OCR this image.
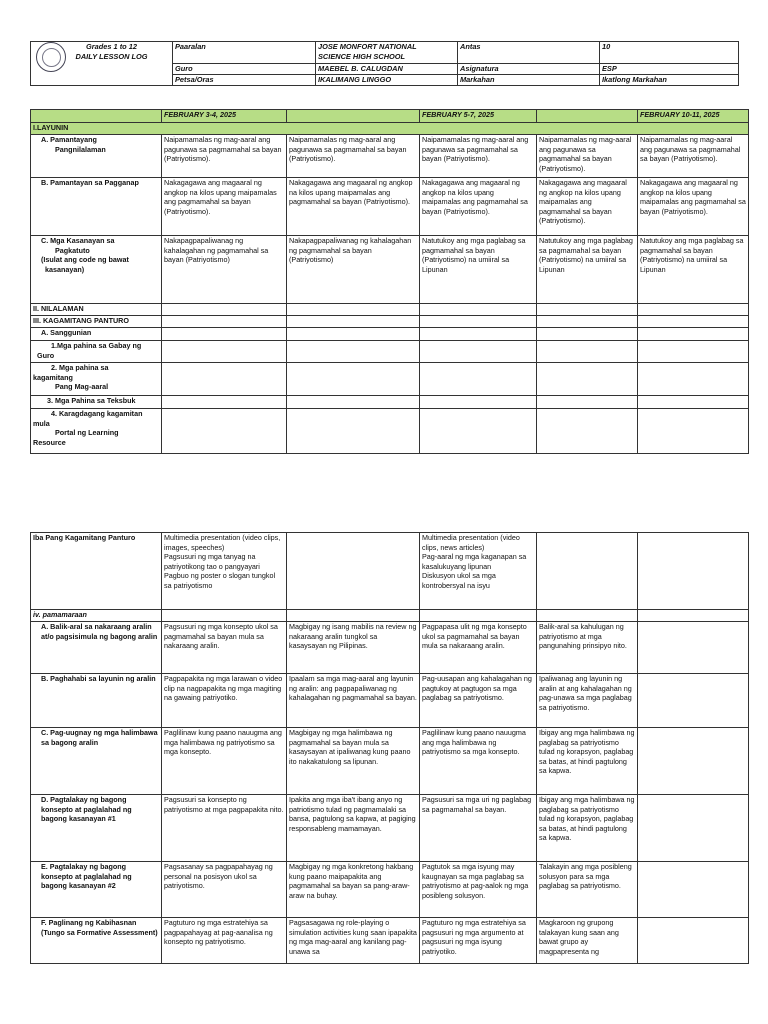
Grades 1 to 12
DAILY LESSON LOG	Paaralan	JOSE MONFORT NATIONAL
SCIENCE HIGH SCHOOL	Antas	10
	Guro	MAEBEL B. CALUGDAN	Asignatura	ESP
	Petsa/Oras	IKALIMANG LINGGO	Markahan	Ikatlong Markahan
	FEBRUARY 3-4, 2025		FEBRUARY 5-7, 2025		FEBRUARY 10-11, 2025
I.LAYUNIN					

A. Pamantayang
Pangnilalaman	Naipamamalas ng mag-aaral ang pagunawa sa pagmamahal sa bayan (Patriyotismo).	Naipamamalas ng mag-aaral ang pagunawa sa pagmamahal sa bayan (Patriyotismo).	Naipamamalas ng mag-aaral ang pagunawa sa pagmamahal sa bayan (Patriyotismo).	Naipamamalas ng mag-aaral ang pagunawa sa pagmamahal sa bayan (Patriyotismo).	Naipamamalas ng mag-aaral ang pagunawa sa pagmamahal sa bayan (Patriyotismo).
B. Pamantayan sa Pagganap	Nakagagawa ang magaaral ng angkop na kilos upang maipamalas ang pagmamahal sa bayan (Patriyotismo).	Nakagagawa ang magaaral ng angkop na kilos upang maipamalas ang pagmamahal sa bayan (Patriyotismo).	Nakagagawa ang magaaral ng angkop na kilos upang maipamalas ang pagmamahal sa bayan (Patriyotismo).	Nakagagawa ang magaaral ng angkop na kilos upang maipamalas ang pagmamahal sa bayan (Patriyotismo).	Nakagagawa ang magaaral ng angkop na kilos upang maipamalas ang pagmamahal sa bayan (Patriyotismo).

C. Mga Kasanayan sa
Pagkatuto
(Isulat ang code ng bawat
kasanayan)	Nakapagpapaliwanag ng kahalagahan ng pagmamahal sa bayan (Patriyotismo)	Nakapagpapaliwanag ng kahalagahan ng pagmamahal sa bayan (Patriyotismo)	Natutukoy ang mga paglabag sa pagmamahal sa bayan (Patriyotismo) na umiiral sa Lipunan	Natutukoy ang mga paglabag sa pagmamahal sa bayan (Patriyotismo) na umiiral sa Lipunan	Natutukoy ang mga paglabag sa pagmamahal sa bayan (Patriyotismo) na umiiral sa Lipunan
II. NILALAMAN					
III. KAGAMITANG PANTURO					
A. Sanggunian					

1.Mga pahina sa Gabay ng
Guro					

2. Mga pahina sa
kagamitang
Pang Mag-aaral					

3. Mga Pahina sa Teksbuk					

4. Karagdagang kagamitan
mula
Portal ng Learning
Resource					

Iba Pang Kagamitang Panturo	Multimedia presentation (video clips, images, speeches)
Pagsusuri ng mga tanyag na patriyotikong tao o pangyayari
Pagbuo ng poster o slogan tungkol sa patriyotismo		Multimedia presentation (video clips, news articles)
Pag-aaral ng mga kaganapan sa kasalukuyang lipunan
Diskusyon ukol sa mga kontrobersyal na isyu		
iv. pamamaraan					
A. Balik-aral sa nakaraang aralin
at/o pagsisimula ng bagong aralin	Pagsusuri ng mga konsepto ukol sa pagmamahal sa bayan mula sa nakaraang aralin.	Magbigay ng isang mabilis na review ng nakaraang aralin tungkol sa kasaysayan ng Pilipinas.	Pagpapasa ulit ng mga konsepto ukol sa pagmamahal sa bayan mula sa nakaraang aralin.	Balik-aral sa kahulugan ng patriyotismo at mga pangunahing prinsipyo nito.	
B. Paghahabi sa layunin ng aralin	Pagpapakita ng mga larawan o video clip na nagpapakita ng mga magiting na gawaing patriyotiko.	Ipaalam sa mga mag-aaral ang layunin ng aralin: ang pagpapaliwanag ng kahalagahan ng pagmamahal sa bayan.	Pag-uusapan ang kahalagahan ng pagtukoy at pagtugon sa mga paglabag sa patriyotismo.	Ipaliwanag ang layunin ng aralin at ang kahalagahan ng pag-unawa sa mga paglabag sa patriyotismo.	
C. Pag-uugnay ng mga halimbawa sa bagong aralin	Paglilinaw kung paano nauugma ang mga halimbawa ng patriyotismo sa mga konsepto.	Magbigay ng mga halimbawa ng pagmamahal sa bayan mula sa kasaysayan at ipaliwanag kung paano ito nakakatulong sa lipunan.	Paglilinaw kung paano nauugma ang mga halimbawa ng patriyotismo sa mga konsepto.	Ibigay ang mga halimbawa ng paglabag sa patriyotismo tulad ng korapsyon, paglabag sa batas, at hindi pagtulong sa kapwa.	
D. Pagtalakay ng bagong konsepto at paglalahad ng bagong kasanayan #1	Pagsusuri sa konsepto ng patriyotismo at mga pagpapakita nito.	Ipakita ang mga iba't ibang anyo ng patriotismo tulad ng pagmamalaki sa bansa, pagtulong sa kapwa, at pagiging responsableng mamamayan.	Pagsusuri sa mga uri ng paglabag sa pagmamahal sa bayan.	Ibigay ang mga halimbawa ng paglabag sa patriyotismo tulad ng korapsyon, paglabag sa batas, at hindi pagtulong sa kapwa.	
E. Pagtalakay ng bagong konsepto at paglalahad ng bagong kasanayan #2	Pagsasanay sa pagpapahayag ng personal na posisyon ukol sa patriyotismo.	Magbigay ng mga konkretong hakbang kung paano maipapakita ang pagmamahal sa bayan sa pang-araw-araw na buhay.	Pagtutok sa mga isyung may kaugnayan sa mga paglabag sa patriyotismo at pag-aalok ng mga posibleng solusyon.	Talakayin ang mga posibleng solusyon para sa mga paglabag sa patriyotismo.	
F. Paglinang ng Kabihasnan (Tungo sa Formative Assessment)	Pagtuturo ng mga estratehiya sa pagpapahayag at pag-aanalisa ng konsepto ng patriyotismo.	Pagsasagawa ng role-playing o simulation activities kung saan ipapakita ng mga mag-aaral ang kanilang pag-unawa sa	Pagtuturo ng mga estratehiya sa pagsusuri ng mga argumento at pagsusuri ng mga isyung patriyotiko.	Magkaroon ng grupong talakayan kung saan ang bawat grupo ay magpapresenta ng	
